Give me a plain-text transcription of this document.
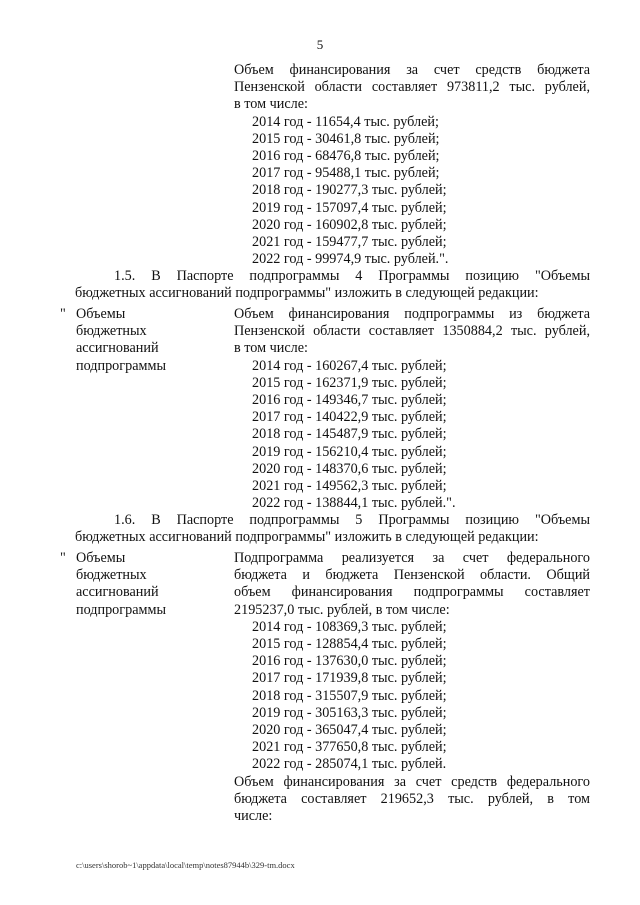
5
Объем финансирования за счет средств бюджета
Пензенской области составляет 973811,2 тыс. рублей,
в том числе:
2014 год - 11654,4 тыс. рублей;
2015 год - 30461,8 тыс. рублей;
2016 год - 68476,8 тыс. рублей;
2017 год - 95488,1 тыс. рублей;
2018 год - 190277,3 тыс. рублей;
2019 год - 157097,4 тыс. рублей;
2020 год - 160902,8 тыс. рублей;
2021 год - 159477,7 тыс. рублей;
2022 год - 99974,9 тыс. рублей.".
1.5. В Паспорте подпрограммы 4 Программы позицию "Объемы
бюджетных ассигнований подпрограммы" изложить в следующей редакции:
" Объемы
бюджетных
ассигнований
подпрограммы
Объем финансирования подпрограммы из бюджета
Пензенской области составляет 1350884,2 тыс. рублей,
в том числе:
2014 год - 160267,4 тыс. рублей;
2015 год - 162371,9 тыс. рублей;
2016 год - 149346,7 тыс. рублей;
2017 год - 140422,9 тыс. рублей;
2018 год - 145487,9 тыс. рублей;
2019 год - 156210,4 тыс. рублей;
2020 год - 148370,6 тыс. рублей;
2021 год - 149562,3 тыс. рублей;
2022 год - 138844,1 тыс. рублей.".
1.6. В Паспорте подпрограммы 5 Программы позицию "Объемы
бюджетных ассигнований подпрограммы" изложить в следующей редакции:
" Объемы
бюджетных
ассигнований
подпрограммы
Подпрограмма реализуется за счет федерального
бюджета и бюджета Пензенской области. Общий
объем финансирования подпрограммы составляет
2195237,0 тыс. рублей, в том числе:
2014 год - 108369,3 тыс. рублей;
2015 год - 128854,4 тыс. рублей;
2016 год - 137630,0 тыс. рублей;
2017 год - 171939,8 тыс. рублей;
2018 год - 315507,9 тыс. рублей;
2019 год - 305163,3 тыс. рублей;
2020 год - 365047,4 тыс. рублей;
2021 год - 377650,8 тыс. рублей;
2022 год - 285074,1 тыс. рублей.
Объем финансирования за счет средств федерального
бюджета составляет 219652,3 тыс. рублей, в том
числе:
c:\users\shorob~1\appdata\local\temp\notes87944b\329-tm.docx
